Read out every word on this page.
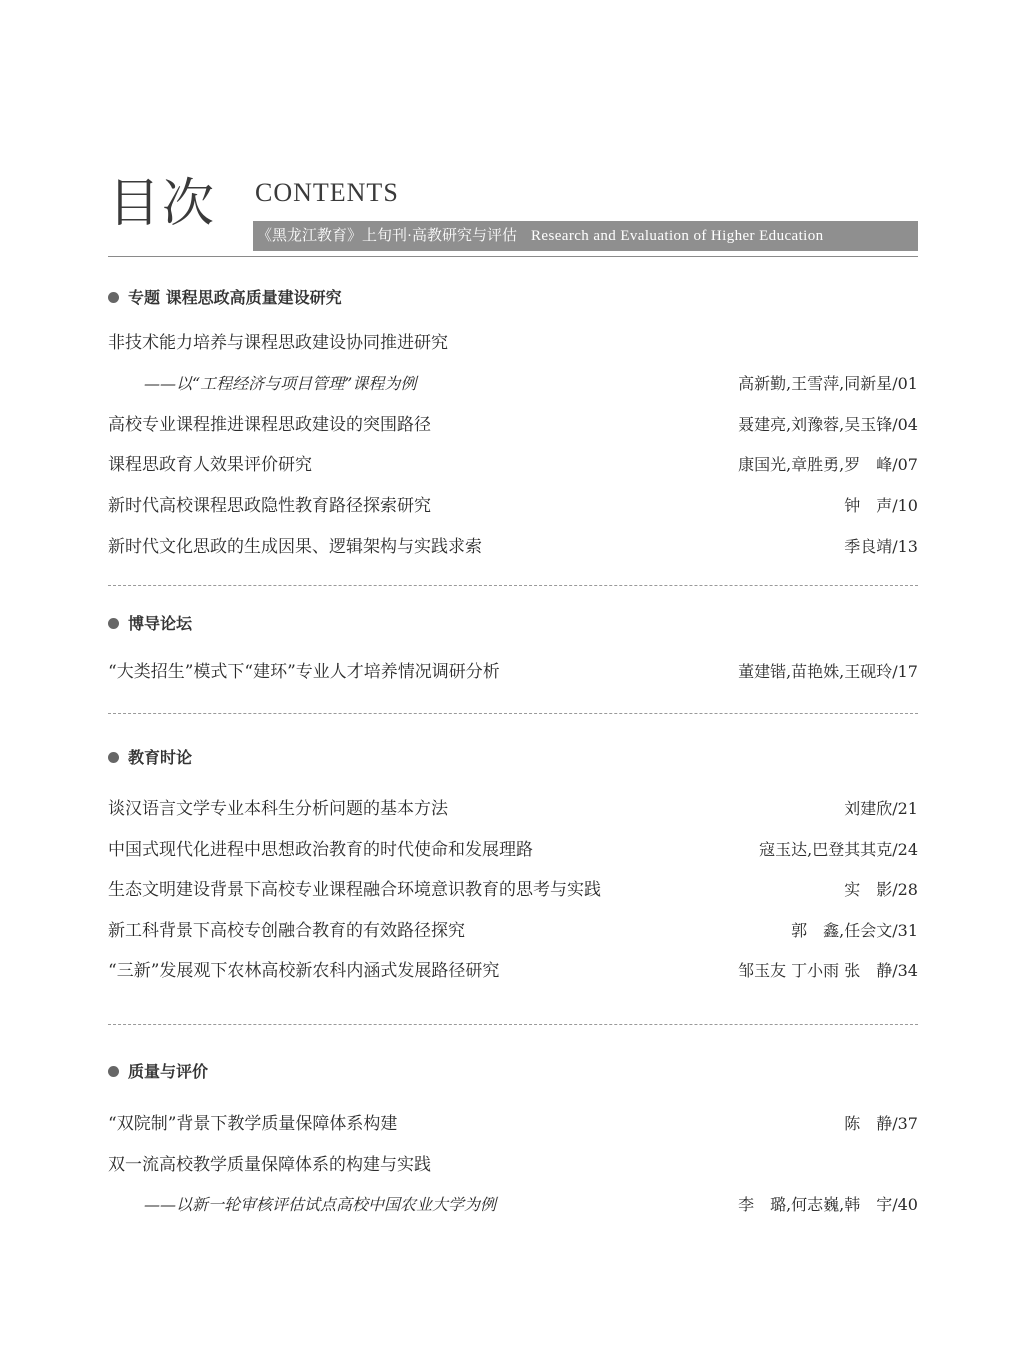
目次 CONTENTS
《黑龙江教育》上旬刊·高教研究与评估 Research and Evaluation of Higher Education
专题 课程思政高质量建设研究
非技术能力培养与课程思政建设协同推进研究
——以“工程经济与项目管理”课程为例	高新勤,王雪萍,同新星/01
高校专业课程推进课程思政建设的突围路径	聂建亮,刘豫蓉,吴玉锋/04
课程思政育人效果评价研究	康国光,章胜勇,罗　峰/07
新时代高校课程思政隐性教育路径探索研究	钟　声/10
新时代文化思政的生成因果、逻辑架构与实践求索	季良靖/13
博导论坛
“大类招生”模式下“建环”专业人才培养情况调研分析	董建锴,苗艳姝,王砚玲/17
教育时论
谈汉语言文学专业本科生分析问题的基本方法	刘建欣/21
中国式现代化进程中思想政治教育的时代使命和发展理路	寇玉达,巴登其其克/24
生态文明建设背景下高校专业课程融合环境意识教育的思考与实践	实　影/28
新工科背景下高校专创融合教育的有效路径探究	郭　鑫,任会文/31
“三新”发展观下农林高校新农科内涵式发展路径研究	邹玉友 丁小雨 张　静/34
质量与评价
“双院制”背景下教学质量保障体系构建	陈　静/37
双一流高校教学质量保障体系的构建与实践
——以新一轮审核评估试点高校中国农业大学为例	李　璐,何志巍,韩　宇/40
